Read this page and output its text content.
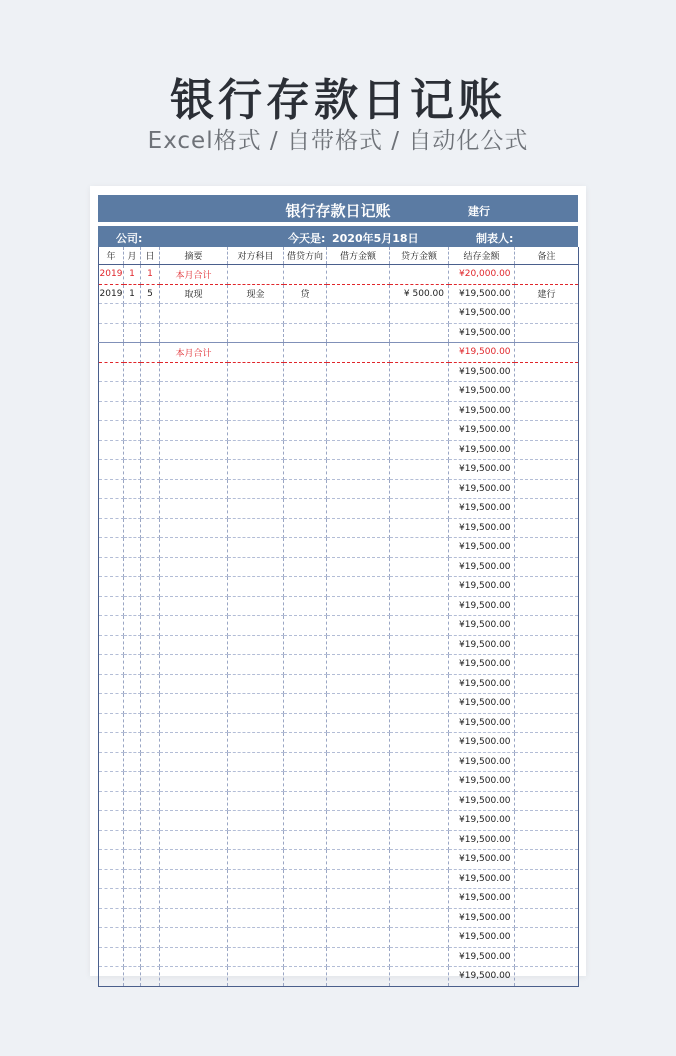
银行存款日记账
Excel格式 / 自带格式 / 自动化公式
银行存款日记账	建行
公司:	今天是: 2020年5月18日	制表人:
年	月	日	摘要	对方科目	借贷方向	借方金额	贷方金额	结存金额	备注
2019	1	1	本月合计					¥20,000.00	
2019	1	5	取现	现金	贷		¥ 500.00	¥19,500.00	建行
								¥19,500.00	
								¥19,500.00	
			本月合计					¥19,500.00	
								¥19,500.00	
								¥19,500.00	
								¥19,500.00	
								¥19,500.00	
								¥19,500.00	
								¥19,500.00	
								¥19,500.00	
								¥19,500.00	
								¥19,500.00	
								¥19,500.00	
								¥19,500.00	
								¥19,500.00	
								¥19,500.00	
								¥19,500.00	
								¥19,500.00	
								¥19,500.00	
								¥19,500.00	
								¥19,500.00	
								¥19,500.00	
								¥19,500.00	
								¥19,500.00	
								¥19,500.00	
								¥19,500.00	
								¥19,500.00	
								¥19,500.00	
								¥19,500.00	
								¥19,500.00	
								¥19,500.00	
								¥19,500.00	
								¥19,500.00	
								¥19,500.00	
								¥19,500.00	
